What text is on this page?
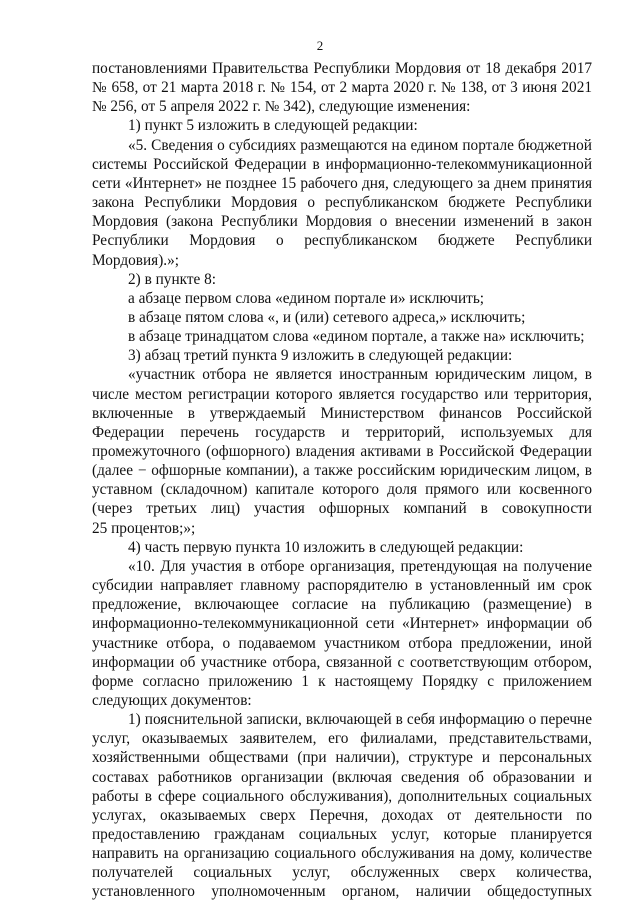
2
постановлениями Правительства Республики Мордовия от 18 декабря 2017
№ 658, от 21 марта 2018 г. № 154, от 2 марта 2020 г. № 138, от 3 июня 2021
№ 256, от 5 апреля 2022 г. № 342), следующие изменения:
1) пункт 5 изложить в следующей редакции:
«5. Сведения о субсидиях размещаются на едином портале бюджетной
системы Российской Федерации в информационно-телекоммуникационной
сети «Интернет» не позднее 15 рабочего дня, следующего за днем принятия
закона Республики Мордовия о республиканском бюджете Республики
Мордовия (закона Республики Мордовия о внесении изменений в закон
Республики Мордовия о республиканском бюджете Республики
Мордовия).»;
2) в пункте 8:
а абзаце первом слова «едином портале и» исключить;
в абзаце пятом слова «, и (или) сетевого адреса,» исключить;
в абзаце тринадцатом слова «едином портале, а также на» исключить;
3) абзац третий пункта 9 изложить в следующей редакции:
«участник отбора не является иностранным юридическим лицом, в
числе местом регистрации которого является государство или территория,
включенные в утверждаемый Министерством финансов Российской
Федерации перечень государств и территорий, используемых для
промежуточного (офшорного) владения активами в Российской Федерации
(далее − офшорные компании), а также российским юридическим лицом, в
уставном (складочном) капитале которого доля прямого или косвенного
(через третьих лиц) участия офшорных компаний в совокупности
25 процентов;»;
4) часть первую пункта 10 изложить в следующей редакции:
«10. Для участия в отборе организация, претендующая на получение
субсидии направляет главному распорядителю в установленный им срок
предложение, включающее согласие на публикацию (размещение) в
информационно-телекоммуникационной сети «Интернет» информации об
участнике отбора, о подаваемом участником отбора предложении, иной
информации об участнике отбора, связанной с соответствующим отбором,
форме согласно приложению 1 к настоящему Порядку с приложением
следующих документов:
1) пояснительной записки, включающей в себя информацию о перечне
услуг, оказываемых заявителем, его филиалами, представительствами,
хозяйственными обществами (при наличии), структуре и персональных
составах работников организации (включая сведения об образовании и
работы в сфере социального обслуживания), дополнительных социальных
услугах, оказываемых сверх Перечня, доходах от деятельности по
предоставлению гражданам социальных услуг, которые планируется
направить на организацию социального обслуживания на дому, количестве
получателей социальных услуг, обслуженных сверх количества,
установленного уполномоченным органом, наличии общедоступных
